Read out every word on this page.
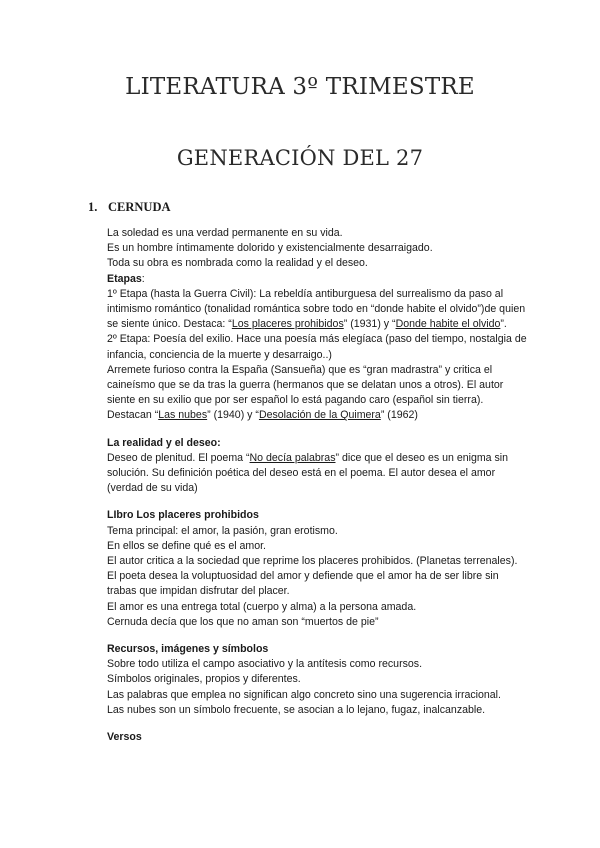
LITERATURA 3º TRIMESTRE
GENERACIÓN DEL 27
1. CERNUDA

La soledad es una verdad permanente en su vida.

Es un hombre íntimamente dolorido y existencialmente desarraigado.

Toda su obra es nombrada como la realidad y el deseo.

Etapas:

1º Etapa (hasta la Guerra Civil): La rebeldía antiburguesa del surrealismo da paso al intimismo romántico (tonalidad romántica sobre todo en “donde habite el olvido”)de quien se siente único. Destaca: “Los placeres prohibidos” (1931) y “Donde habite el olvido”.

2º Etapa: Poesía del exilio. Hace una poesía más elegíaca (paso del tiempo, nostalgia de infancia, conciencia de la muerte y desarraigo..)

Arremete furioso contra la España (Sansueña) que es “gran madrastra” y critica el caineísmo que se da tras la guerra (hermanos que se delatan unos a otros). El autor siente en su exilio que por ser español lo está pagando caro (español sin tierra).

Destacan “Las nubes” (1940) y “Desolación de la Quimera” (1962)

La realidad y el deseo:

Deseo de plenitud. El poema “No decía palabras” dice que el deseo es un enigma sin solución. Su definición poética del deseo está en el poema. El autor desea el amor (verdad de su vida)

LIbro Los placeres prohibidos

Tema principal: el amor, la pasión, gran erotismo.

En ellos se define qué es el amor.

El autor critica a la sociedad que reprime los placeres prohibidos. (Planetas terrenales).

El poeta desea la voluptuosidad del amor y defiende que el amor ha de ser libre sin trabas que impidan disfrutar del placer.

El amor es una entrega total (cuerpo y alma) a la persona amada.

Cernuda decía que los que no aman son “muertos de pie”

Recursos, imágenes y símbolos

Sobre todo utiliza el campo asociativo y la antítesis como recursos.

Símbolos originales, propios y diferentes.

Las palabras que emplea no significan algo concreto sino una sugerencia irracional.

Las nubes son un símbolo frecuente, se asocian a lo lejano, fugaz, inalcanzable.

Versos
